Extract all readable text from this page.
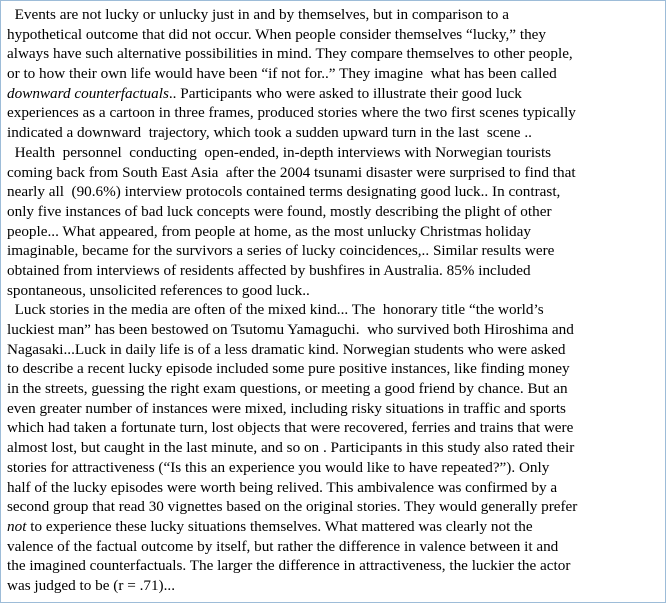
Events are not lucky or unlucky just in and by themselves, but in comparison to a
hypothetical outcome that did not occur. When people consider themselves “lucky,” they
always have such alternative possibilities in mind. They compare themselves to other people,
or to how their own life would have been “if not for..” They imagine  what has been called
downward counterfactuals.. Participants who were asked to illustrate their good luck
experiences as a cartoon in three frames, produced stories where the two first scenes typically
indicated a downward  trajectory, which took a sudden upward turn in the last  scene ..
Health  personnel  conducting  open-ended, in-depth interviews with Norwegian tourists
coming back from South East Asia  after the 2004 tsunami disaster were surprised to find that
nearly all  (90.6%) interview protocols contained terms designating good luck.. In contrast,
only five instances of bad luck concepts were found, mostly describing the plight of other
people... What appeared, from people at home, as the most unlucky Christmas holiday
imaginable, became for the survivors a series of lucky coincidences,.. Similar results were
obtained from interviews of residents affected by bushfires in Australia. 85% included
spontaneous, unsolicited references to good luck..
Luck stories in the media are often of the mixed kind... The  honorary title “the world’s
luckiest man” has been bestowed on Tsutomu Yamaguchi.  who survived both Hiroshima and
Nagasaki...Luck in daily life is of a less dramatic kind. Norwegian students who were asked
to describe a recent lucky episode included some pure positive instances, like finding money
in the streets, guessing the right exam questions, or meeting a good friend by chance. But an
even greater number of instances were mixed, including risky situations in traffic and sports
which had taken a fortunate turn, lost objects that were recovered, ferries and trains that were
almost lost, but caught in the last minute, and so on . Participants in this study also rated their
stories for attractiveness (“Is this an experience you would like to have repeated?”). Only
half of the lucky episodes were worth being relived. This ambivalence was confirmed by a
second group that read 30 vignettes based on the original stories. They would generally prefer
not to experience these lucky situations themselves. What mattered was clearly not the
valence of the factual outcome by itself, but rather the difference in valence between it and
the imagined counterfactuals. The larger the difference in attractiveness, the luckier the actor
was judged to be (r = .71)...
